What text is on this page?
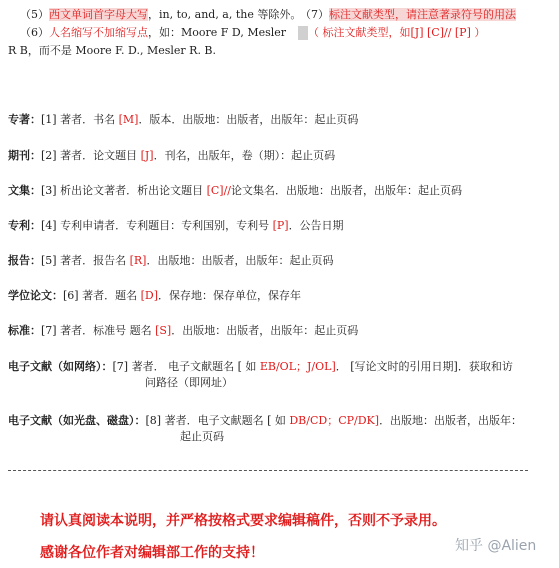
（5）西文单词首字母大写，in, to, and, a, the 等除外。
（6）人名缩写不加缩写点，如：Moore F D, Mesler
R B，而不是 Moore F. D., Mesler R. B.
（7）标注文献类型，请注意著录符号的用法
（ 标注文献类型，如[J] [C]// [P] ）
专著：[1] 著者．书名 [M]．版本．出版地：出版者，出版年：起止页码
期刊：[2] 著者．论文题目 [J]．刊名，出版年，卷（期）：起止页码
文集：[3] 析出论文著者．析出论文题目 [C]//论文集名．出版地：出版者，出版年：起止页码
专利：[4] 专利申请者．专利题目：专利国别，专利号 [P]．公告日期
报告：[5] 著者．报告名 [R]．出版地：出版者，出版年：起止页码
学位论文：[6] 著者．题名 [D]．保存地：保存单位，保存年
标准：[7] 著者．标准号 题名 [S]．出版地：出版者，出版年：起止页码
电子文献（如网络）：[7] 著者． 电子文献题名 [ 如 EB/OL；J/OL]． [写论文时的引用日期]．获取和访
问路径（即网址）
电子文献（如光盘、磁盘）：[8] 著者．电子文献题名 [ 如 DB/CD；CP/DK]．出版地：出版者，出版年：
起止页码
请认真阅读本说明，并严格按格式要求编辑稿件，否则不予录用。
感谢各位作者对编辑部工作的支持！	知乎 @Alien
